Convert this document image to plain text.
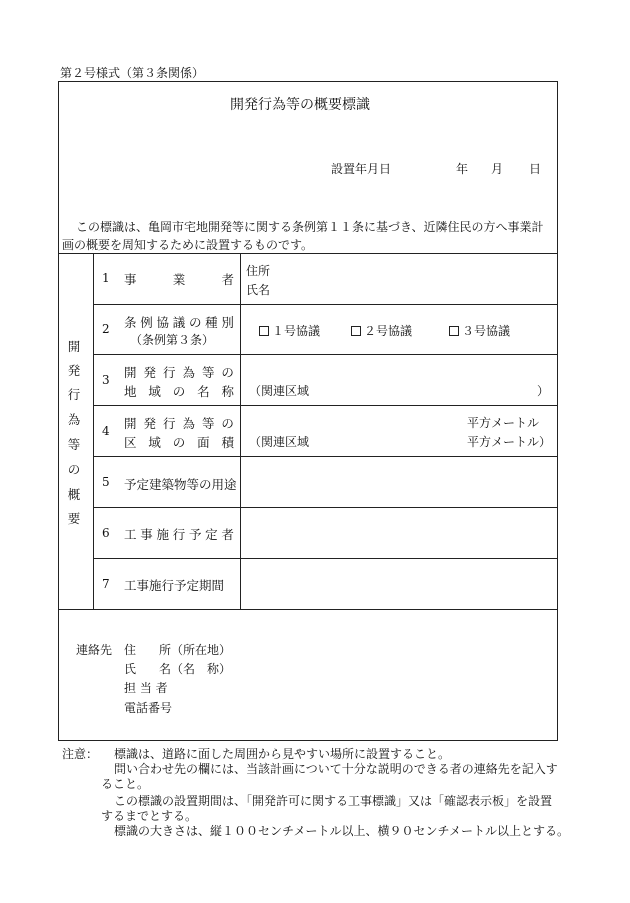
第２号様式（第３条関係）
開発行為等の概要標識
設置年月日	年 月 日
この標識は、亀岡市宅地開発等に関する条例第１１条に基づき、近隣住民の方へ事業計
画の概要を周知するために設置するものです。
開
発
行
為
等
の
概
要
1 事	業	者
住所
氏名
2 条 例 協 議 の 種 別
（条例第３条）
１号協議	２号協議	３号協議
3 開 発 行 為 等 の
地 域 の 名 称 （関連区域	）
4 開 発 行 為 等 の
区 域 の 面 積
平方メートル
（関連区域	平方メートル）
5 予定建築物等の用途
6 工 事 施 行 予 定 者
7 工事施行予定期間
連絡先 住 所（所在地）
氏 名（名　称）
担 当 者
電話番号
注意： 標識は、道路に面した周囲から見やすい場所に設置すること。
問い合わせ先の欄には、当該計画について十分な説明のできる者の連絡先を記入す
ること。
この標識の設置期間は、「開発許可に関する工事標識」又は「確認表示板」を設置
するまでとする。
標識の大きさは、縦１００センチメートル以上、横９０センチメートル以上とする。
